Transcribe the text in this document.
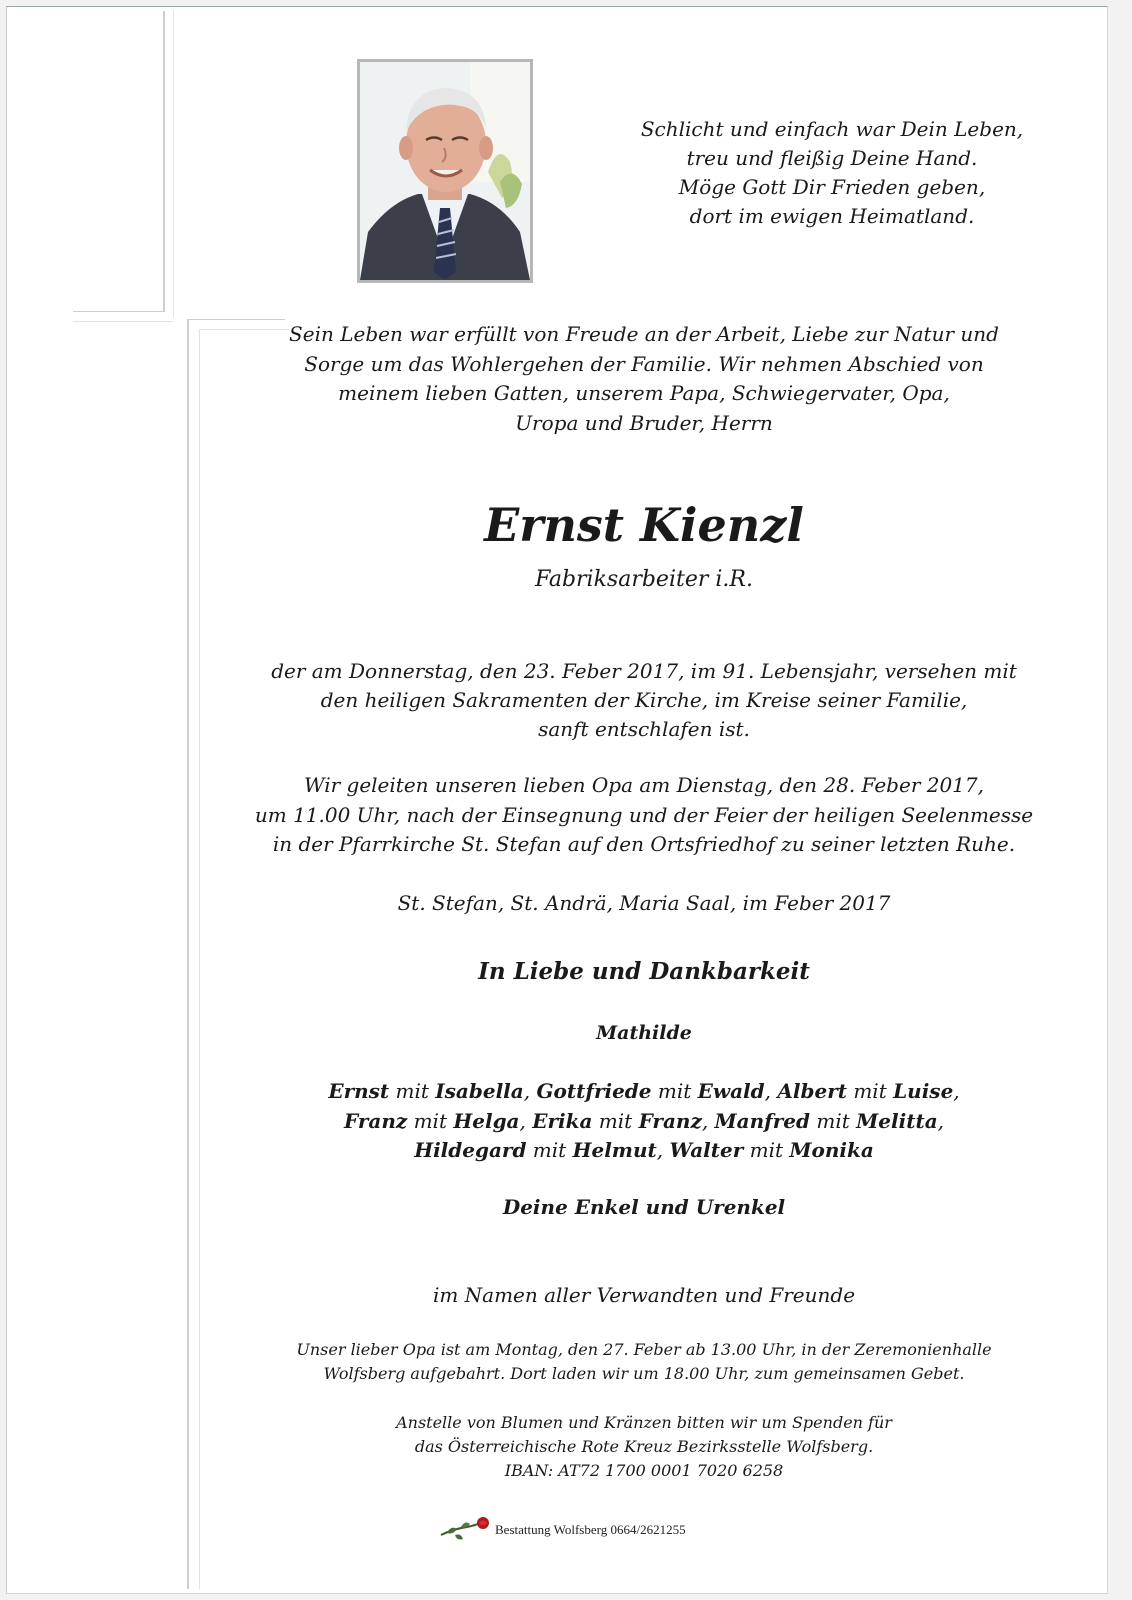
Schlicht und einfach war Dein Leben,
treu und fleißig Deine Hand.
Möge Gott Dir Frieden geben,
dort im ewigen Heimatland.
Sein Leben war erfüllt von Freude an der Arbeit, Liebe zur Natur und
Sorge um das Wohlergehen der Familie. Wir nehmen Abschied von
meinem lieben Gatten, unserem Papa, Schwiegervater, Opa,
Uropa und Bruder, Herrn
Ernst Kienzl
Fabriksarbeiter i.R.
der am Donnerstag, den 23. Feber 2017, im 91. Lebensjahr, versehen mit
den heiligen Sakramenten der Kirche, im Kreise seiner Familie,
sanft entschlafen ist.
Wir geleiten unseren lieben Opa am Dienstag, den 28. Feber 2017,
um 11.00 Uhr, nach der Einsegnung und der Feier der heiligen Seelenmesse
in der Pfarrkirche St. Stefan auf den Ortsfriedhof zu seiner letzten Ruhe.
St. Stefan, St. Andrä, Maria Saal, im Feber 2017
In Liebe und Dankbarkeit
Mathilde
Ernst mit Isabella, Gottfriede mit Ewald, Albert mit Luise,
Franz mit Helga, Erika mit Franz, Manfred mit Melitta,
Hildegard mit Helmut, Walter mit Monika
Deine Enkel und Urenkel
im Namen aller Verwandten und Freunde
Unser lieber Opa ist am Montag, den 27. Feber ab 13.00 Uhr, in der Zeremonienhalle
Wolfsberg aufgebahrt. Dort laden wir um 18.00 Uhr, zum gemeinsamen Gebet.
Anstelle von Blumen und Kränzen bitten wir um Spenden für
das Österreichische Rote Kreuz Bezirksstelle Wolfsberg.
IBAN: AT72 1700 0001 7020 6258
Bestattung Wolfsberg 0664/2621255
